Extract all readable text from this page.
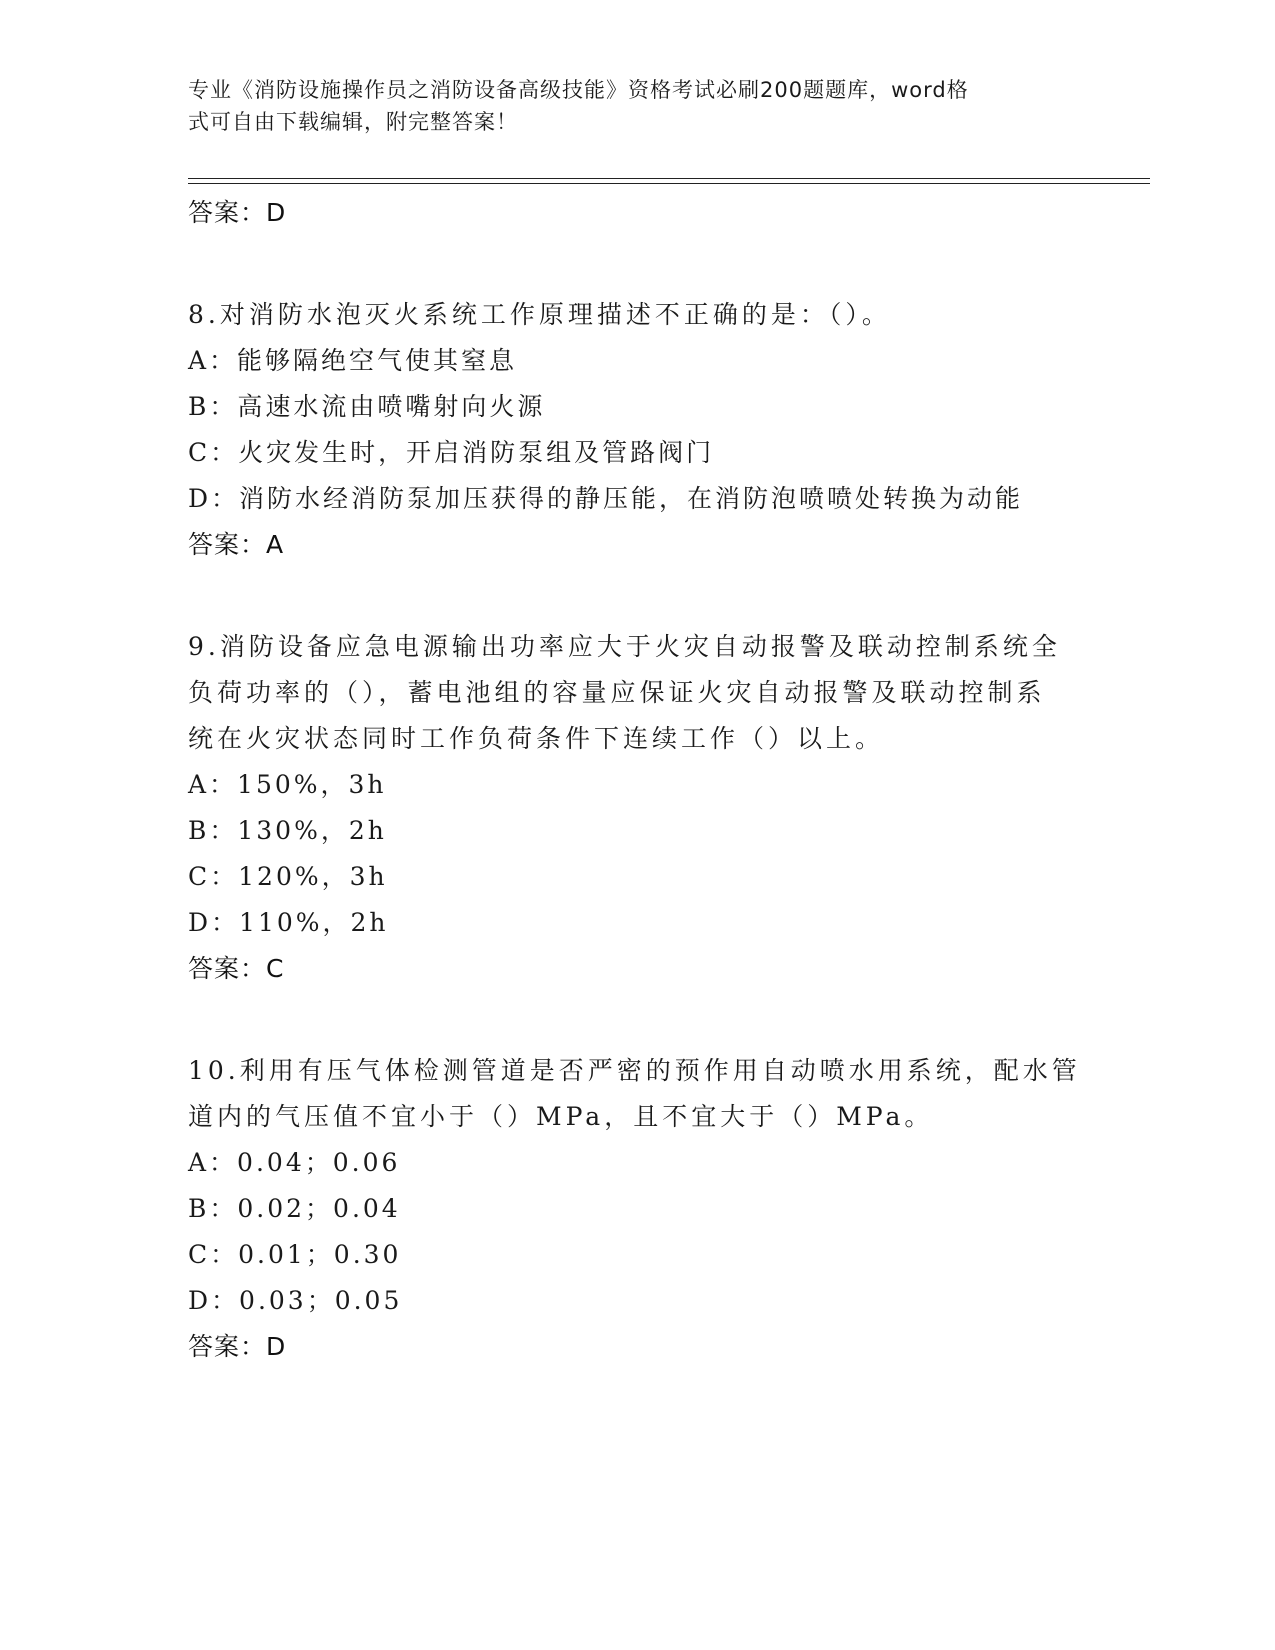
专业《消防设施操作员之消防设备高级技能》资格考试必刷200题题库，word格
式可自由下载编辑，附完整答案！
答案：D
8.对消防水泡灭火系统工作原理描述不正确的是：（）。
A：能够隔绝空气使其窒息
B：高速水流由喷嘴射向火源
C：火灾发生时，开启消防泵组及管路阀门
D：消防水经消防泵加压获得的静压能，在消防泡喷喷处转换为动能
答案：A
9.消防设备应急电源输出功率应大于火灾自动报警及联动控制系统全
负荷功率的（），蓄电池组的容量应保证火灾自动报警及联动控制系
统在火灾状态同时工作负荷条件下连续工作（）以上。
A：150%，3h
B：130%，2h
C：120%，3h
D：110%，2h
答案：C
10.利用有压气体检测管道是否严密的预作用自动喷水用系统，配水管
道内的气压值不宜小于（）MPa，且不宜大于（）MPa。
A：0.04；0.06
B：0.02；0.04
C：0.01；0.30
D：0.03；0.05
答案：D
